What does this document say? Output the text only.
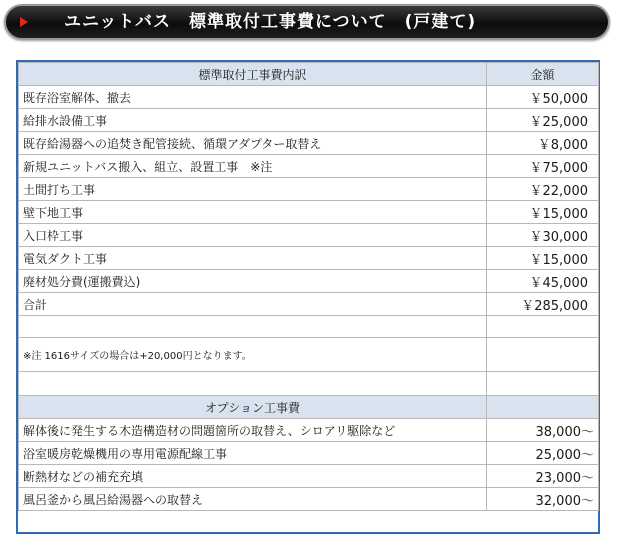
ユニットバス　標準取付工事費について　(戸建て)
標準取付工事費内訳	金額
既存浴室解体、撤去	￥50,000
給排水設備工事	￥25,000
既存給湯器への追焚き配管接続、循環アダプター取替え	￥8,000
新規ユニットバス搬入、組立、設置工事　※注	￥75,000
土間打ち工事	￥22,000
壁下地工事	￥15,000
入口枠工事	￥30,000
電気ダクト工事	￥15,000
廃材処分費(運搬費込)	￥45,000
合計	￥285,000

※注 1616サイズの場合は+20,000円となります。	

オプション工事費	
解体後に発生する木造構造材の問題箇所の取替え、シロアリ駆除など	38,000～
浴室暖房乾燥機用の専用電源配線工事	25,000～
断熱材などの補充充填	23,000～
風呂釜から風呂給湯器への取替え	32,000～
